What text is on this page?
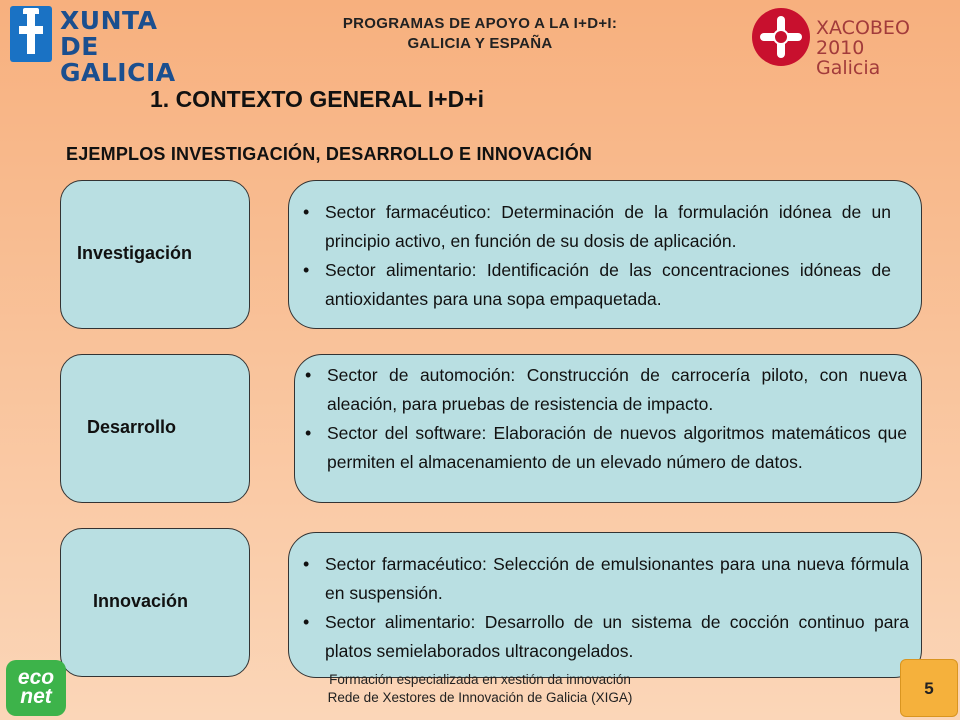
XUNTA
DE GALICIA
PROGRAMAS DE APOYO A LA I+D+I:
GALICIA Y ESPAÑA
XACOBEO 2010
Galicia
1. CONTEXTO GENERAL I+D+i
EJEMPLOS INVESTIGACIÓN, DESARROLLO E INNOVACIÓN
Investigación
• Sector farmacéutico: Determinación de la formulación idónea de un principio activo, en función de su dosis de aplicación.
• Sector alimentario: Identificación de las concentraciones idóneas de antioxidantes para una sopa empaquetada.
Desarrollo
• Sector de automoción: Construcción de carrocería piloto, con nueva aleación, para pruebas de resistencia de impacto.
• Sector del software: Elaboración de nuevos algoritmos matemáticos que permiten el almacenamiento de un elevado número de datos.
Innovación
• Sector farmacéutico: Selección de emulsionantes para una nueva fórmula en suspensión.
• Sector alimentario: Desarrollo de un sistema de cocción continuo para platos semielaborados ultracongelados.
eco
net
Formación especializada en xestión da innovación
Rede de Xestores de Innovación de Galicia (XIGA)	5
